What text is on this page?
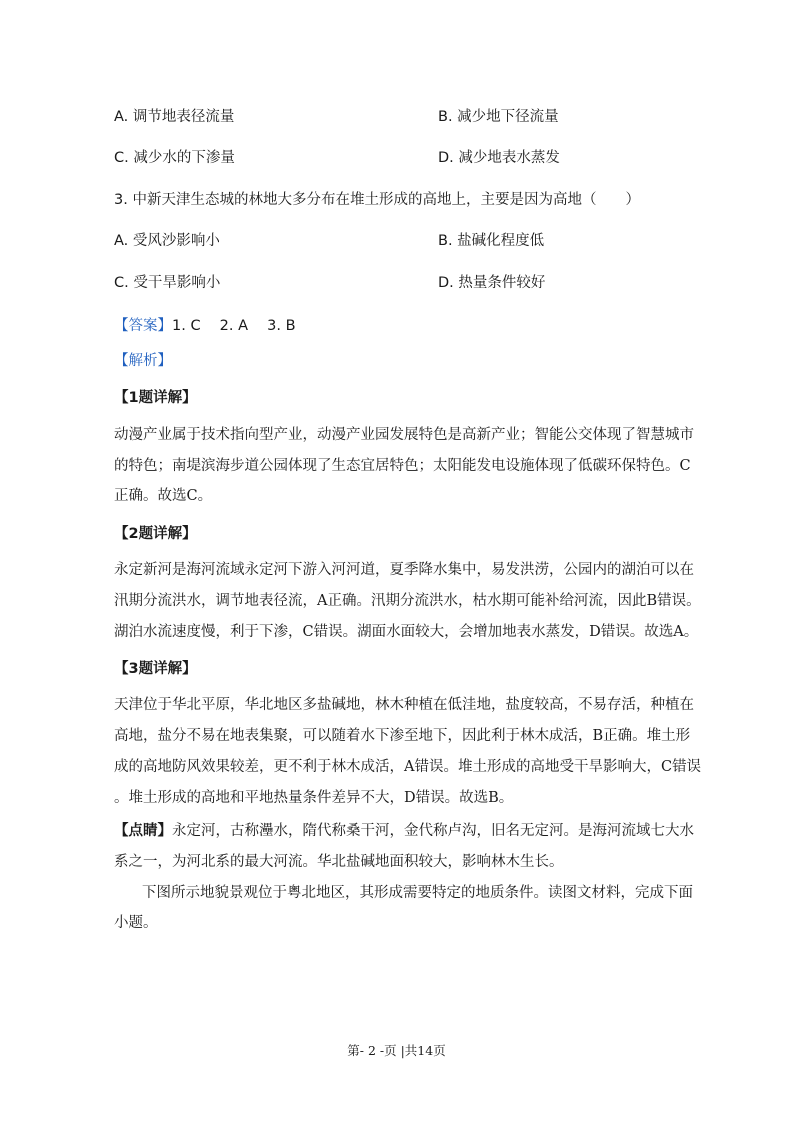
A. 调节地表径流量	B. 减少地下径流量
C. 减少水的下渗量	D. 减少地表水蒸发
3. 中新天津生态城的林地大多分布在堆土形成的高地上，主要是因为高地（　　）
A. 受风沙影响小	B. 盐碱化程度低
C. 受干旱影响小	D. 热量条件较好
【答案】1. C　 2. A　 3. B
【解析】
【1题详解】
动漫产业属于技术指向型产业，动漫产业园发展特色是高新产业；智能公交体现了智慧城市
的特色；南堤滨海步道公园体现了生态宜居特色；太阳能发电设施体现了低碳环保特色。C
正确。故选C。
【2题详解】
永定新河是海河流域永定河下游入河河道，夏季降水集中，易发洪涝，公园内的湖泊可以在
汛期分流洪水，调节地表径流，A正确。汛期分流洪水，枯水期可能补给河流，因此B错误。
湖泊水流速度慢，利于下渗，C错误。湖面水面较大，会增加地表水蒸发，D错误。故选A。
【3题详解】
天津位于华北平原，华北地区多盐碱地，林木种植在低洼地，盐度较高，不易存活，种植在
高地，盐分不易在地表集聚，可以随着水下渗至地下，因此利于林木成活，B正确。堆土形
成的高地防风效果较差，更不利于林木成活，A错误。堆土形成的高地受干旱影响大，C错误
。堆土形成的高地和平地热量条件差异不大，D错误。故选B。
【点睛】永定河，古称灅水，隋代称桑干河，金代称卢沟，旧名无定河。是海河流域七大水
系之一，为河北系的最大河流。华北盐碱地面积较大，影响林木生长。
下图所示地貌景观位于粤北地区，其形成需要特定的地质条件。读图文材料，完成下面
小题。
第- 2 -页 |共14页
